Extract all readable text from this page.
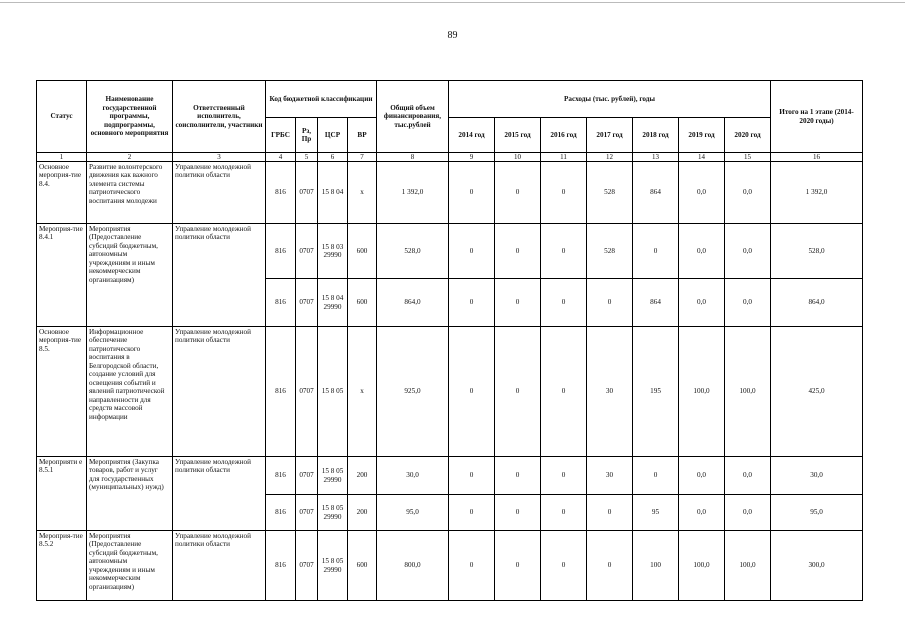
89
Статус	Наименование государственной программы, подпрограммы, основного мероприятия	Ответственный исполнитель, соисполнители, участники	Код бюджетной классификации				Общий объем финансирования, тыс.рублей	Расходы (тыс. рублей), годы							Итого на 1 этапе (2014-2020 годы)
			ГРБС	Рз, Пр	ЦСР	ВР		2014 год	2015 год	2016 год	2017 год	2018 год	2019 год	2020 год	
1	2	3	4	5	6	7	8	9	10	11	12	13	14	15	16
Основное мероприя-тие 8.4.	Развитие волонтерского движения как важного элемента системы патриотического воспитания молодежи	Управление молодежной политики области	816	0707	15 8 04	х	1 392,0	0	0	0	528	864	0,0	0,0	1 392,0
Мероприя-тие 8.4.1	Мероприятия (Предоставление субсидий бюджетным, автономным учреждениям и иным некоммерческим организациям)	Управление молодежной политики области	816	0707	15 8 03 29990	600	528,0	0	0	0	528	0	0,0	0,0	528,0
			816	0707	15 8 04 29990	600	864,0	0	0	0	0	864	0,0	0,0	864,0
Основное мероприя-тие 8.5.	Информационное обеспечение патриотического воспитания в Белгородской области, создание условий для освещения событий и явлений патриотической направленности для средств массовой информации	Управление молодежной политики области	816	0707	15 8 05	х	925,0	0	0	0	30	195	100,0	100,0	425,0
Мероприяти е 8.5.1	Мероприятия (Закупка товаров, работ и услуг для государственных (муниципальных) нужд)	Управление молодежной политики области	816	0707	15 8 05 29990	200	30,0	0	0	0	30	0	0,0	0,0	30,0
			816	0707	15 8 05 29990	200	95,0	0	0	0	0	95	0,0	0,0	95,0
Мероприя-тие 8.5.2	Мероприятия (Предоставление субсидий бюджетным, автономным учреждениям и иным некоммерческим организациям)	Управление молодежной политики области	816	0707	15 8 05 29990	600	800,0	0	0	0	0	100	100,0	100,0	300,0
